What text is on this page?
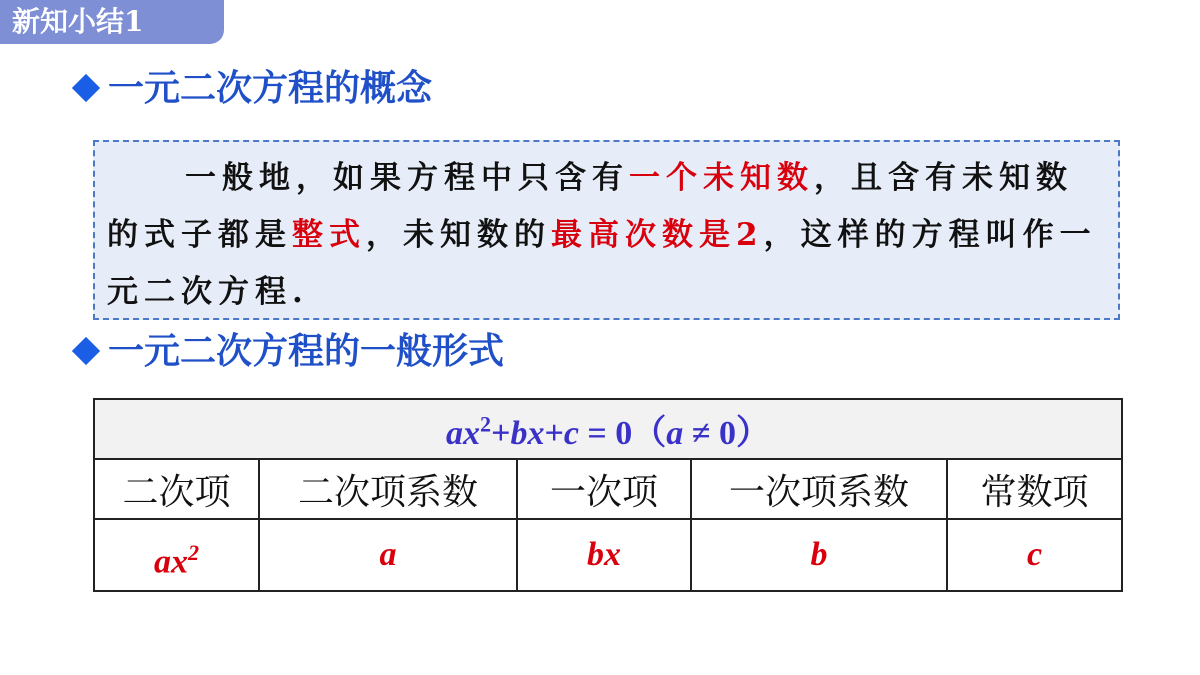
新知小结1
一元二次方程的概念
一般地，如果方程中只含有一个未知数，且含有未知数的式子都是整式，未知数的最高次数是2，这样的方程叫作一元二次方程.
一元二次方程的一般形式
$ax^2+bx+c = 0(a \ne 0)$				
二次项	二次项系数	一次项	一次项系数	常数项
$ax^2$	a	bx	b	c
